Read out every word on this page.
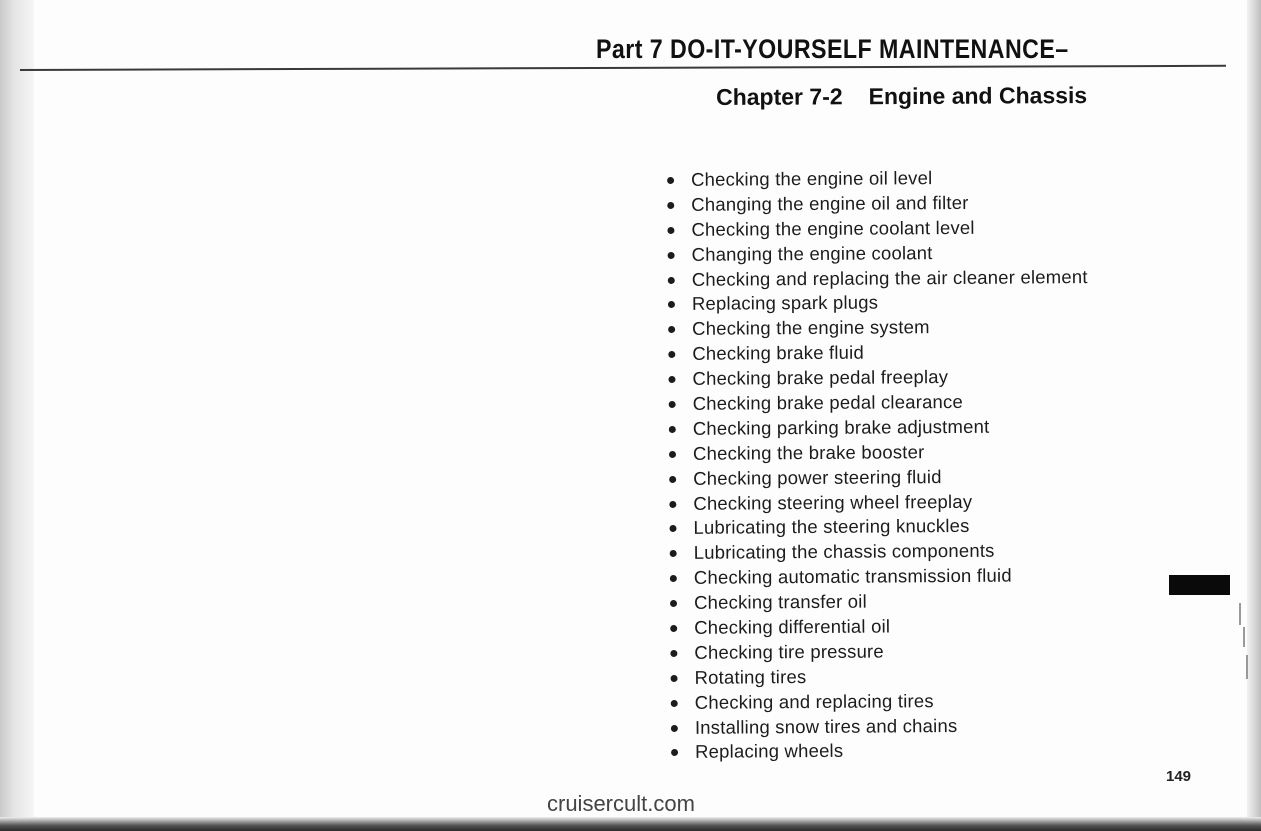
Part 7 DO-IT-YOURSELF MAINTENANCE–
Chapter 7-2 Engine and Chassis
Checking the engine oil level
Changing the engine oil and filter
Checking the engine coolant level
Changing the engine coolant
Checking and replacing the air cleaner element
Replacing spark plugs
Checking the engine system
Checking brake fluid
Checking brake pedal freeplay
Checking brake pedal clearance
Checking parking brake adjustment
Checking the brake booster
Checking power steering fluid
Checking steering wheel freeplay
Lubricating the steering knuckles
Lubricating the chassis components
Checking automatic transmission fluid
Checking transfer oil
Checking differential oil
Checking tire pressure
Rotating tires
Checking and replacing tires
Installing snow tires and chains
Replacing wheels
149
cruisercult.com
